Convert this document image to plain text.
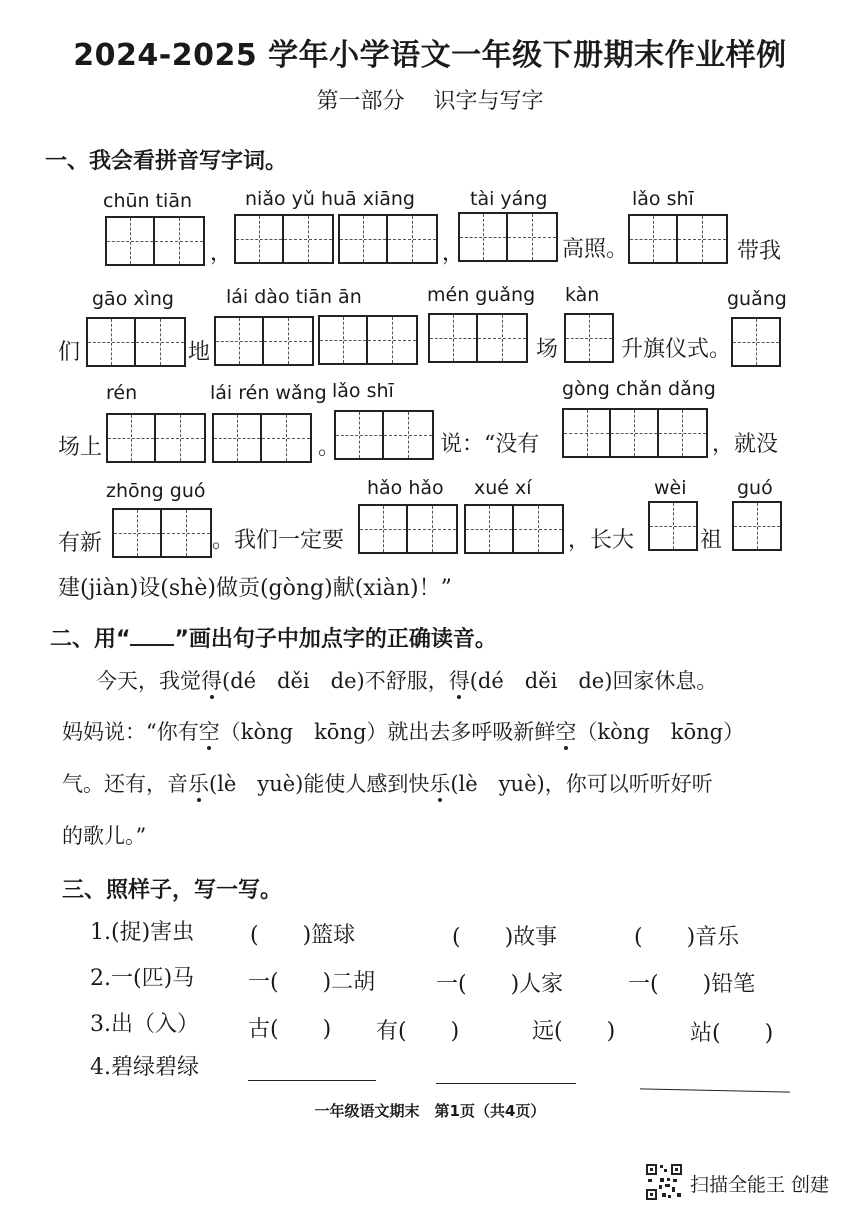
2024-2025 学年小学语文一年级下册期末作业样例
第一部分　 识字与写字
一、我会看拼音写字词。
chūn tiān	niǎo yǔ huā xiāng	tài yáng	lǎo shī
，	，	高照。	带我
gāo xìng	lái dào tiān ān	mén guǎng kàn	guǎng
们	地	场	升旗仪式。
rén	lái rén wǎng lǎo shī	gòng chǎn dǎng
场上	。	说：“没有	，就没
zhōng guó	hǎo hǎo xué xí	wèi	guó
有新	。我们一定要	，长大	祖
建(jiàn)设(shè)做贡(gòng)献(xiàn)！”
二、用“ ”画出句子中加点字的正确读音。
今天，我觉得(dé　děi　de)不舒服，得(dé　děi　de)回家休息。
妈妈说：“你有空（kòng　kōng）就出去多呼吸新鲜空（kòng　kōng）
气。还有，音乐(lè　yuè)能使人感到快乐(lè　yuè)，你可以听听好听
的歌儿。”
三、照样子，写一写。
1.(捉)害虫	(　　)篮球	(　　)故事	(　　)音乐
2.一(匹)马 一(　　)二胡	一(　　)人家	一(　　)铅笔
3.出（入） 古(　　) 有(　　)	远(　　)	站(　　)
4.碧绿碧绿
一年级语文期末　第1页（共4页）
扫描全能王 创建
